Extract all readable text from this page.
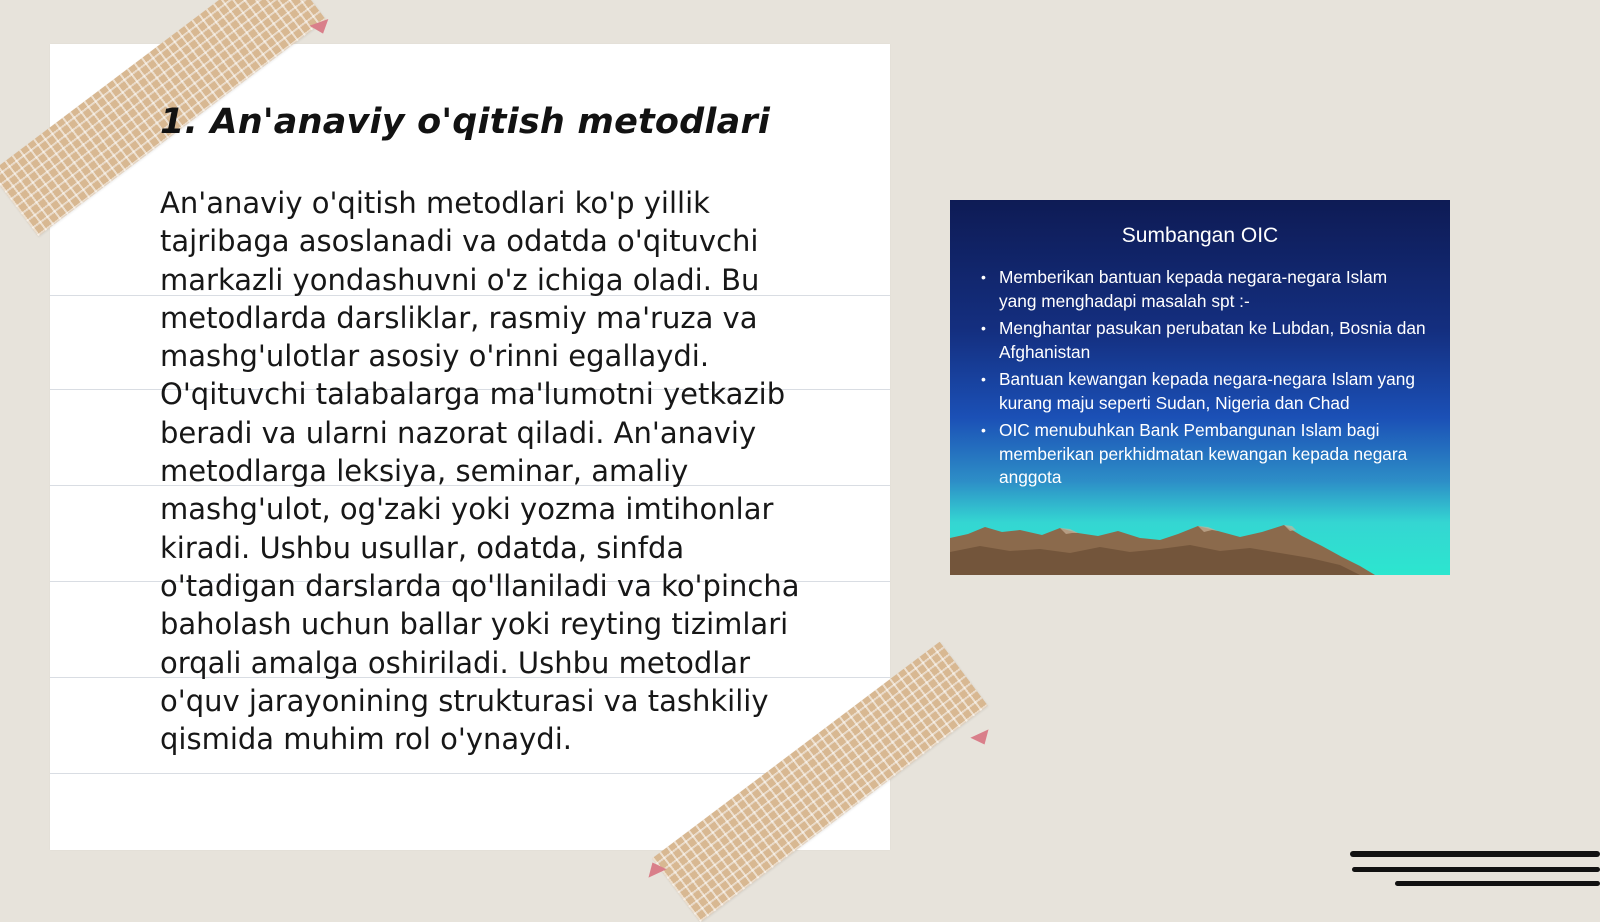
1. An'anaviy o'qitish metodlari

An'anaviy o'qitish metodlari ko'p yillik tajribaga asoslanadi va odatda o'qituvchi markazli yondashuvni o'z ichiga oladi. Bu metodlarda darsliklar, rasmiy ma'ruza va mashg'ulotlar asosiy o'rinni egallaydi. O'qituvchi talabalarga ma'lumotni yetkazib beradi va ularni nazorat qiladi. An'anaviy metodlarga leksiya, seminar, amaliy mashg'ulot, og'zaki yoki yozma imtihonlar kiradi. Ushbu usullar, odatda, sinfda o'tadigan darslarda qo'llaniladi va ko'pincha baholash uchun ballar yoki reyting tizimlari orqali amalga oshiriladi. Ushbu metodlar o'quv jarayonining strukturasi va tashkiliy qismida muhim rol o'ynaydi.

Sumbangan OIC
• Memberikan bantuan kepada negara-negara Islam yang menghadapi masalah spt :-
• Menghantar pasukan perubatan ke Lubdan, Bosnia dan Afghanistan
• Bantuan kewangan kepada negara-negara Islam yang kurang maju seperti Sudan, Nigeria dan Chad
• OIC menubuhkan Bank Pembangunan Islam bagi memberikan perkhidmatan kewangan kepada negara anggota
